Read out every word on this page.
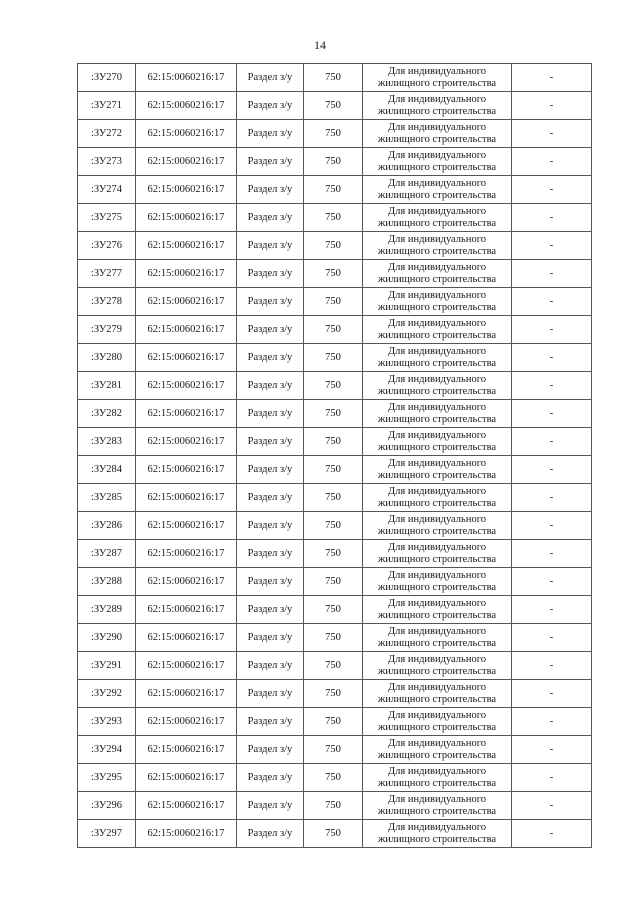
14
:ЗУ270	62:15:0060216:17	Раздел з/у	750	Для индивидуального жилищного строительства	-
:ЗУ271	62:15:0060216:17	Раздел з/у	750	Для индивидуального жилищного строительства	-
:ЗУ272	62:15:0060216:17	Раздел з/у	750	Для индивидуального жилищного строительства	-
:ЗУ273	62:15:0060216:17	Раздел з/у	750	Для индивидуального жилищного строительства	-
:ЗУ274	62:15:0060216:17	Раздел з/у	750	Для индивидуального жилищного строительства	-
:ЗУ275	62:15:0060216:17	Раздел з/у	750	Для индивидуального жилищного строительства	-
:ЗУ276	62:15:0060216:17	Раздел з/у	750	Для индивидуального жилищного строительства	-
:ЗУ277	62:15:0060216:17	Раздел з/у	750	Для индивидуального жилищного строительства	-
:ЗУ278	62:15:0060216:17	Раздел з/у	750	Для индивидуального жилищного строительства	-
:ЗУ279	62:15:0060216:17	Раздел з/у	750	Для индивидуального жилищного строительства	-
:ЗУ280	62:15:0060216:17	Раздел з/у	750	Для индивидуального жилищного строительства	-
:ЗУ281	62:15:0060216:17	Раздел з/у	750	Для индивидуального жилищного строительства	-
:ЗУ282	62:15:0060216:17	Раздел з/у	750	Для индивидуального жилищного строительства	-
:ЗУ283	62:15:0060216:17	Раздел з/у	750	Для индивидуального жилищного строительства	-
:ЗУ284	62:15:0060216:17	Раздел з/у	750	Для индивидуального жилищного строительства	-
:ЗУ285	62:15:0060216:17	Раздел з/у	750	Для индивидуального жилищного строительства	-
:ЗУ286	62:15:0060216:17	Раздел з/у	750	Для индивидуального жилищного строительства	-
:ЗУ287	62:15:0060216:17	Раздел з/у	750	Для индивидуального жилищного строительства	-
:ЗУ288	62:15:0060216:17	Раздел з/у	750	Для индивидуального жилищного строительства	-
:ЗУ289	62:15:0060216:17	Раздел з/у	750	Для индивидуального жилищного строительства	-
:ЗУ290	62:15:0060216:17	Раздел з/у	750	Для индивидуального жилищного строительства	-
:ЗУ291	62:15:0060216:17	Раздел з/у	750	Для индивидуального жилищного строительства	-
:ЗУ292	62:15:0060216:17	Раздел з/у	750	Для индивидуального жилищного строительства	-
:ЗУ293	62:15:0060216:17	Раздел з/у	750	Для индивидуального жилищного строительства	-
:ЗУ294	62:15:0060216:17	Раздел з/у	750	Для индивидуального жилищного строительства	-
:ЗУ295	62:15:0060216:17	Раздел з/у	750	Для индивидуального жилищного строительства	-
:ЗУ296	62:15:0060216:17	Раздел з/у	750	Для индивидуального жилищного строительства	-
:ЗУ297	62:15:0060216:17	Раздел з/у	750	Для индивидуального жилищного строительства	-
